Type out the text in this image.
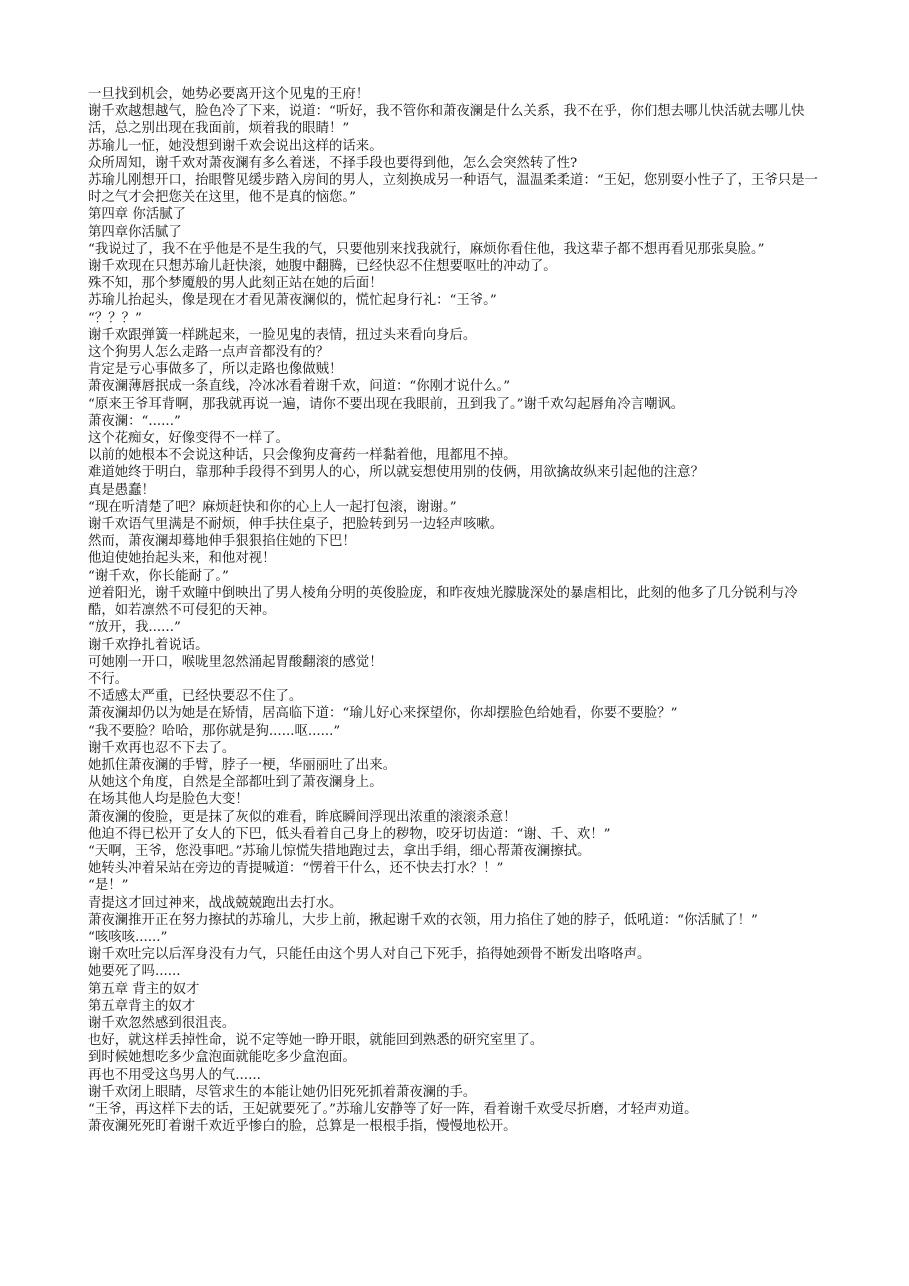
一旦找到机会，她势必要离开这个见鬼的王府！

谢千欢越想越气，脸色冷了下来，说道：“听好，我不管你和萧夜澜是什么关系，我不在乎，你们想去哪儿快活就去哪儿快活，总之别出现在我面前，烦着我的眼睛！”

苏瑜儿一怔，她没想到谢千欢会说出这样的话来。

众所周知，谢千欢对萧夜澜有多么着迷，不择手段也要得到他，怎么会突然转了性?

苏瑜儿刚想开口，抬眼瞥见缓步踏入房间的男人，立刻换成另一种语气，温温柔柔道：“王妃，您别耍小性子了，王爷只是一时之气才会把您关在这里，他不是真的恼您。”

第四章 你活腻了

第四章你活腻了

“我说过了，我不在乎他是不是生我的气，只要他别来找我就行，麻烦你看住他，我这辈子都不想再看见那张臭脸。”

谢千欢现在只想苏瑜儿赶快滚，她腹中翻腾，已经快忍不住想要呕吐的冲动了。

殊不知，那个梦魇般的男人此刻正站在她的后面！

苏瑜儿抬起头，像是现在才看见萧夜澜似的，慌忙起身行礼：“王爷。”

“？？？”

谢千欢跟弹簧一样跳起来，一脸见鬼的表情，扭过头来看向身后。

这个狗男人怎么走路一点声音都没有的？

肯定是亏心事做多了，所以走路也像做贼！

萧夜澜薄唇抿成一条直线，冷冰冰看着谢千欢，问道：“你刚才说什么。”

“原来王爷耳背啊，那我就再说一遍，请你不要出现在我眼前，丑到我了。”谢千欢勾起唇角冷言嘲讽。

萧夜澜：“......”

这个花痴女，好像变得不一样了。

以前的她根本不会说这种话，只会像狗皮膏药一样黏着他，甩都甩不掉。

难道她终于明白，靠那种手段得不到男人的心，所以就妄想使用别的伎俩，用欲擒故纵来引起他的注意？

真是愚蠢！

“现在听清楚了吧？麻烦赶快和你的心上人一起打包滚，谢谢。”

谢千欢语气里满是不耐烦，伸手扶住桌子，把脸转到另一边轻声咳嗽。

然而，萧夜澜却蓦地伸手狠狠掐住她的下巴！

他迫使她抬起头来，和他对视！

“谢千欢，你长能耐了。”

逆着阳光，谢千欢瞳中倒映出了男人棱角分明的英俊脸庞，和昨夜烛光朦胧深处的暴虐相比，此刻的他多了几分锐利与冷酷，如若凛然不可侵犯的天神。

“放开，我......”

谢千欢挣扎着说话。

可她刚一开口，喉咙里忽然涌起胃酸翻滚的感觉！

不行。

不适感太严重，已经快要忍不住了。

萧夜澜却仍以为她是在矫情，居高临下道：“瑜儿好心来探望你，你却摆脸色给她看，你要不要脸？”

“我不要脸？哈哈，那你就是狗......呕......”

谢千欢再也忍不下去了。

她抓住萧夜澜的手臂，脖子一梗，华丽丽吐了出来。

从她这个角度，自然是全部都吐到了萧夜澜身上。

在场其他人均是脸色大变！

萧夜澜的俊脸，更是抹了灰似的难看，眸底瞬间浮现出浓重的滚滚杀意！

他迫不得已松开了女人的下巴，低头看着自己身上的秽物，咬牙切齿道：“谢、千、欢！”

“天啊，王爷，您没事吧。”苏瑜儿惊慌失措地跑过去，拿出手绢，细心帮萧夜澜擦拭。

她转头冲着呆站在旁边的青提喊道：“愣着干什么，还不快去打水？！”

“是！”

青提这才回过神来，战战兢兢跑出去打水。

萧夜澜推开正在努力擦拭的苏瑜儿，大步上前，揪起谢千欢的衣领，用力掐住了她的脖子，低吼道：“你活腻了！”

“咳咳咳......”

谢千欢吐完以后浑身没有力气，只能任由这个男人对自己下死手，掐得她颈骨不断发出咯咯声。

她要死了吗......

第五章 背主的奴才

第五章背主的奴才

谢千欢忽然感到很沮丧。

也好，就这样丢掉性命，说不定等她一睁开眼，就能回到熟悉的研究室里了。

到时候她想吃多少盒泡面就能吃多少盒泡面。

再也不用受这鸟男人的气......

谢千欢闭上眼睛，尽管求生的本能让她仍旧死死抓着萧夜澜的手。

“王爷，再这样下去的话，王妃就要死了。”苏瑜儿安静等了好一阵，看着谢千欢受尽折磨，才轻声劝道。

萧夜澜死死盯着谢千欢近乎惨白的脸，总算是一根根手指，慢慢地松开。
